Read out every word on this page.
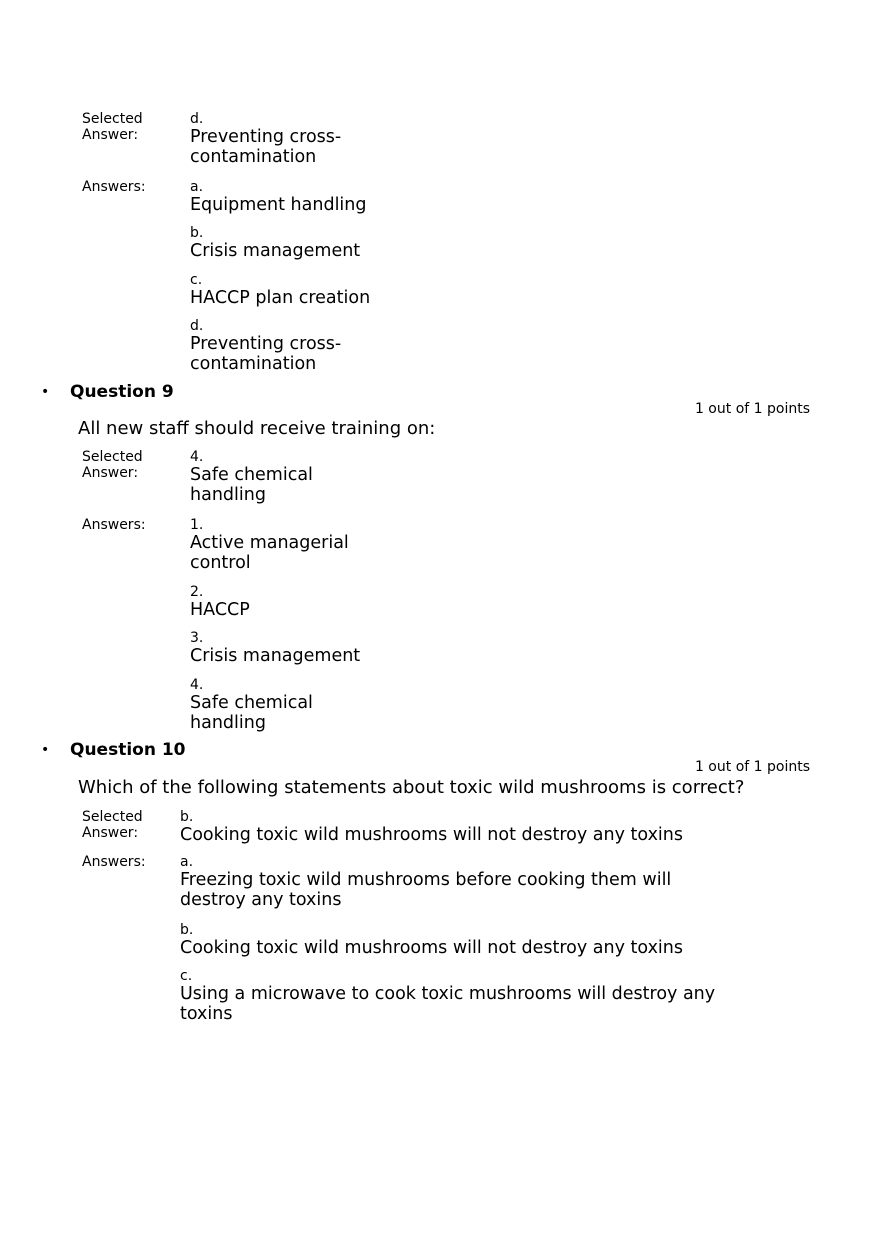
Selected
Answer:
d.
Preventing cross-contamination
Answers:	a.
Equipment handling
b.
Crisis management
c.
HACCP plan creation
d.
Preventing cross-contamination
• Question 9
1 out of 1 points
All new staff should receive training on:
Selected
Answer:
4.
Safe chemical handling
Answers:	1.
Active managerial control
2.
HACCP
3.
Crisis management
4.
Safe chemical handling
• Question 10
1 out of 1 points
Which of the following statements about toxic wild mushrooms is correct?
Selected
Answer:
b.
Cooking toxic wild mushrooms will not destroy any toxins
Answers: a.
Freezing toxic wild mushrooms before cooking them will destroy any toxins
b.
Cooking toxic wild mushrooms will not destroy any toxins
c.
Using a microwave to cook toxic mushrooms will destroy any toxins
